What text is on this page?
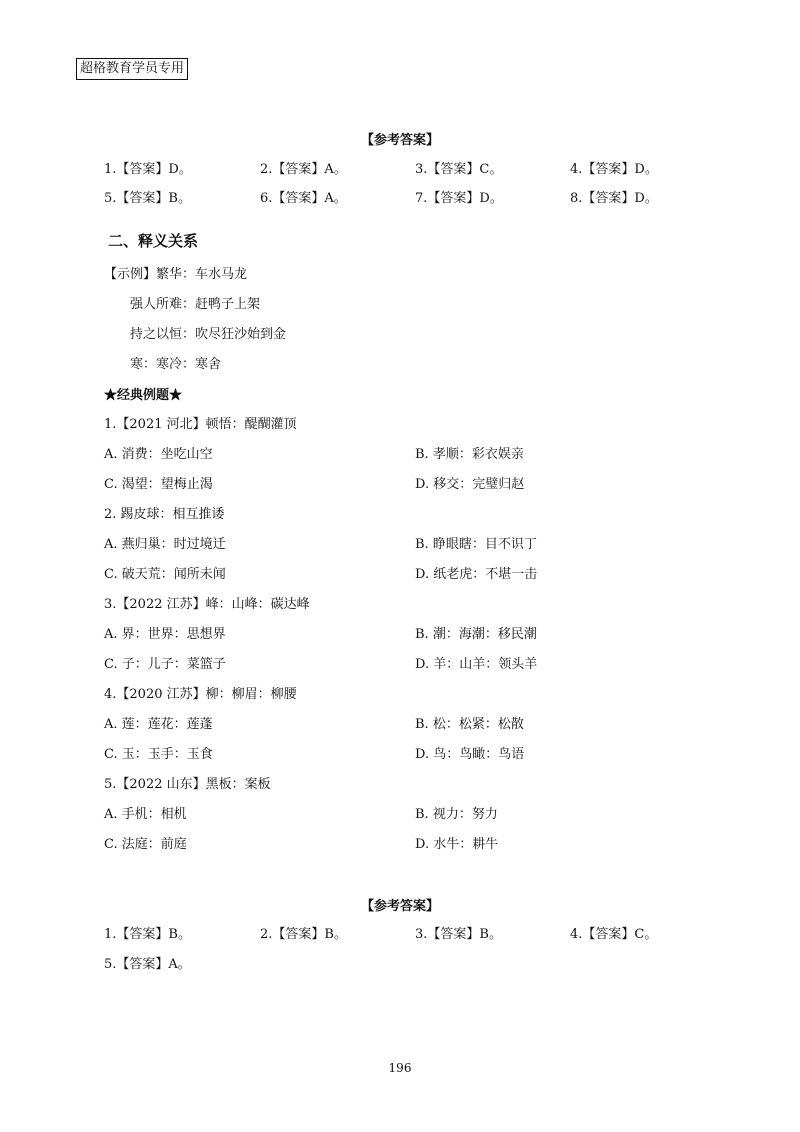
超格教育学员专用
【参考答案】
1.【答案】D。	2.【答案】A。	3.【答案】C。	4.【答案】D。
5.【答案】B。	6.【答案】A。	7.【答案】D。	8.【答案】D。
二、释义关系
【示例】繁华：车水马龙
强人所难：赶鸭子上架
持之以恒：吹尽狂沙始到金
寒：寒冷：寒舍
★经典例题★
1.【2021 河北】顿悟：醍醐灌顶
A. 消费：坐吃山空	B. 孝顺：彩衣娱亲
C. 渴望：望梅止渴	D. 移交：完璧归赵
2. 踢皮球：相互推诿
A. 燕归巢：时过境迁	B. 睁眼瞎：目不识丁
C. 破天荒：闻所未闻	D. 纸老虎：不堪一击
3.【2022 江苏】峰：山峰：碳达峰
A. 界：世界：思想界	B. 潮：海潮：移民潮
C. 子：儿子：菜篮子	D. 羊：山羊：领头羊
4.【2020 江苏】柳：柳眉：柳腰
A. 莲：莲花：莲蓬	B. 松：松紧：松散
C. 玉：玉手：玉食	D. 鸟：鸟瞰：鸟语
5.【2022 山东】黑板：案板
A. 手机：相机	B. 视力：努力
C. 法庭：前庭	D. 水牛：耕牛
【参考答案】
1.【答案】B。	2.【答案】B。	3.【答案】B。	4.【答案】C。
5.【答案】A。
196
